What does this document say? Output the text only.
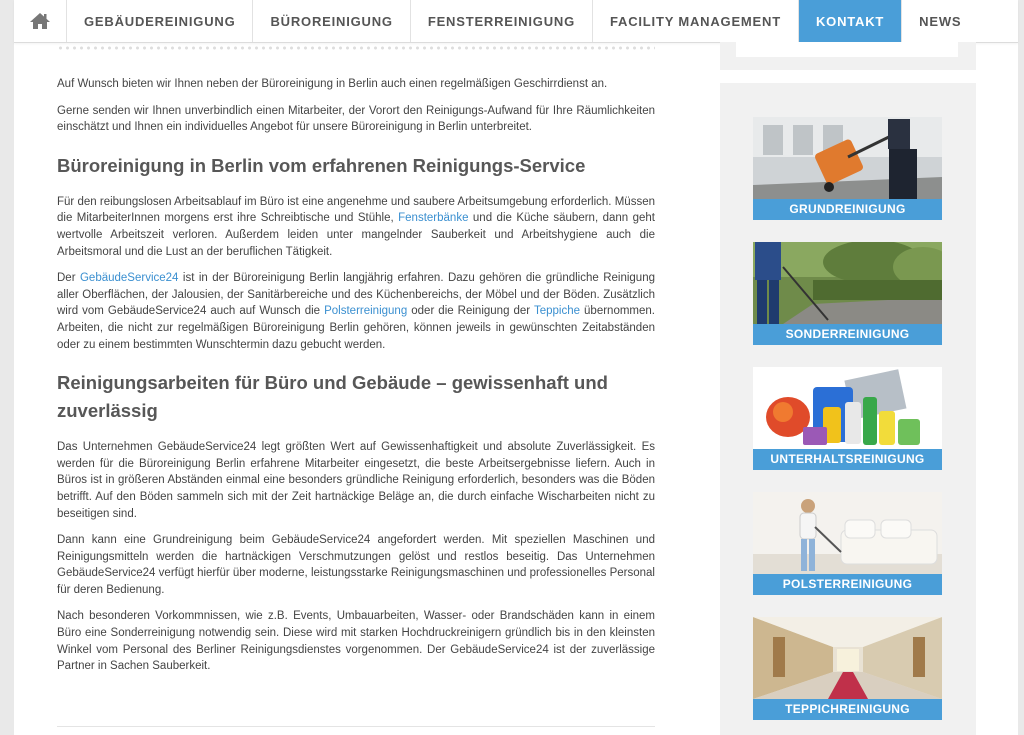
GEBÄUDEREINIGUNG	BÜROREINIGUNG	FENSTERREINIGUNG	FACILITY MANAGEMENT	KONTAKT	NEWS

Auf Wunsch bieten wir Ihnen neben der Büroreinigung in Berlin auch einen regelmäßigen Geschirrdienst an.

Gerne senden wir Ihnen unverbindlich einen Mitarbeiter, der Vorort den Reinigungs-Aufwand für Ihre Räumlichkeiten einschätzt und Ihnen ein individuelles Angebot für unsere Büroreinigung in Berlin unterbreitet.

Büroreinigung in Berlin vom erfahrenen Reinigungs-Service

Für den reibungslosen Arbeitsablauf im Büro ist eine angenehme und saubere Arbeitsumgebung erforderlich. Müssen die MitarbeiterInnen morgens erst ihre Schreibtische und Stühle, Fensterbänke und die Küche säubern, dann geht wertvolle Arbeitszeit verloren. Außerdem leiden unter mangelnder Sauberkeit und Arbeitshygiene auch die Arbeitsmoral und die Lust an der beruflichen Tätigkeit.

Der GebäudeService24 ist in der Büroreinigung Berlin langjährig erfahren. Dazu gehören die gründliche Reinigung aller Oberflächen, der Jalousien, der Sanitärbereiche und des Küchenbereichs, der Möbel und der Böden. Zusätzlich wird vom GebäudeService24 auch auf Wunsch die Polsterreinigung oder die Reinigung der Teppiche übernommen. Arbeiten, die nicht zur regelmäßigen Büroreinigung Berlin gehören, können jeweils in gewünschten Zeitabständen oder zu einem bestimmten Wunschtermin dazu gebucht werden.

Reinigungsarbeiten für Büro und Gebäude – gewissenhaft und zuverlässig

Das Unternehmen GebäudeService24 legt größten Wert auf Gewissenhaftigkeit und absolute Zuverlässigkeit. Es werden für die Büroreinigung Berlin erfahrene Mitarbeiter eingesetzt, die beste Arbeitsergebnisse liefern. Auch in Büros ist in größeren Abständen einmal eine besonders gründliche Reinigung erforderlich, besonders was die Böden betrifft. Auf den Böden sammeln sich mit der Zeit hartnäckige Beläge an, die durch einfache Wischarbeiten nicht zu beseitigen sind.

Dann kann eine Grundreinigung beim GebäudeService24 angefordert werden. Mit speziellen Maschinen und Reinigungsmitteln werden die hartnäckigen Verschmutzungen gelöst und restlos beseitig. Das Unternehmen GebäudeService24 verfügt hierfür über moderne, leistungsstarke Reinigungsmaschinen und professionelles Personal für deren Bedienung.

Nach besonderen Vorkommnissen, wie z.B. Events, Umbauarbeiten, Wasser- oder Brandschäden kann in einem Büro eine Sonderreinigung notwendig sein. Diese wird mit starken Hochdruckreinigern gründlich bis in den kleinsten Winkel vom Personal des Berliner Reinigungsdienstes vorgenommen. Der GebäudeService24 ist der zuverlässige Partner in Sachen Sauberkeit.

GRUNDREINIGUNG
SONDERREINIGUNG
UNTERHALTSREINIGUNG
POLSTERREINIGUNG
TEPPICHREINIGUNG
